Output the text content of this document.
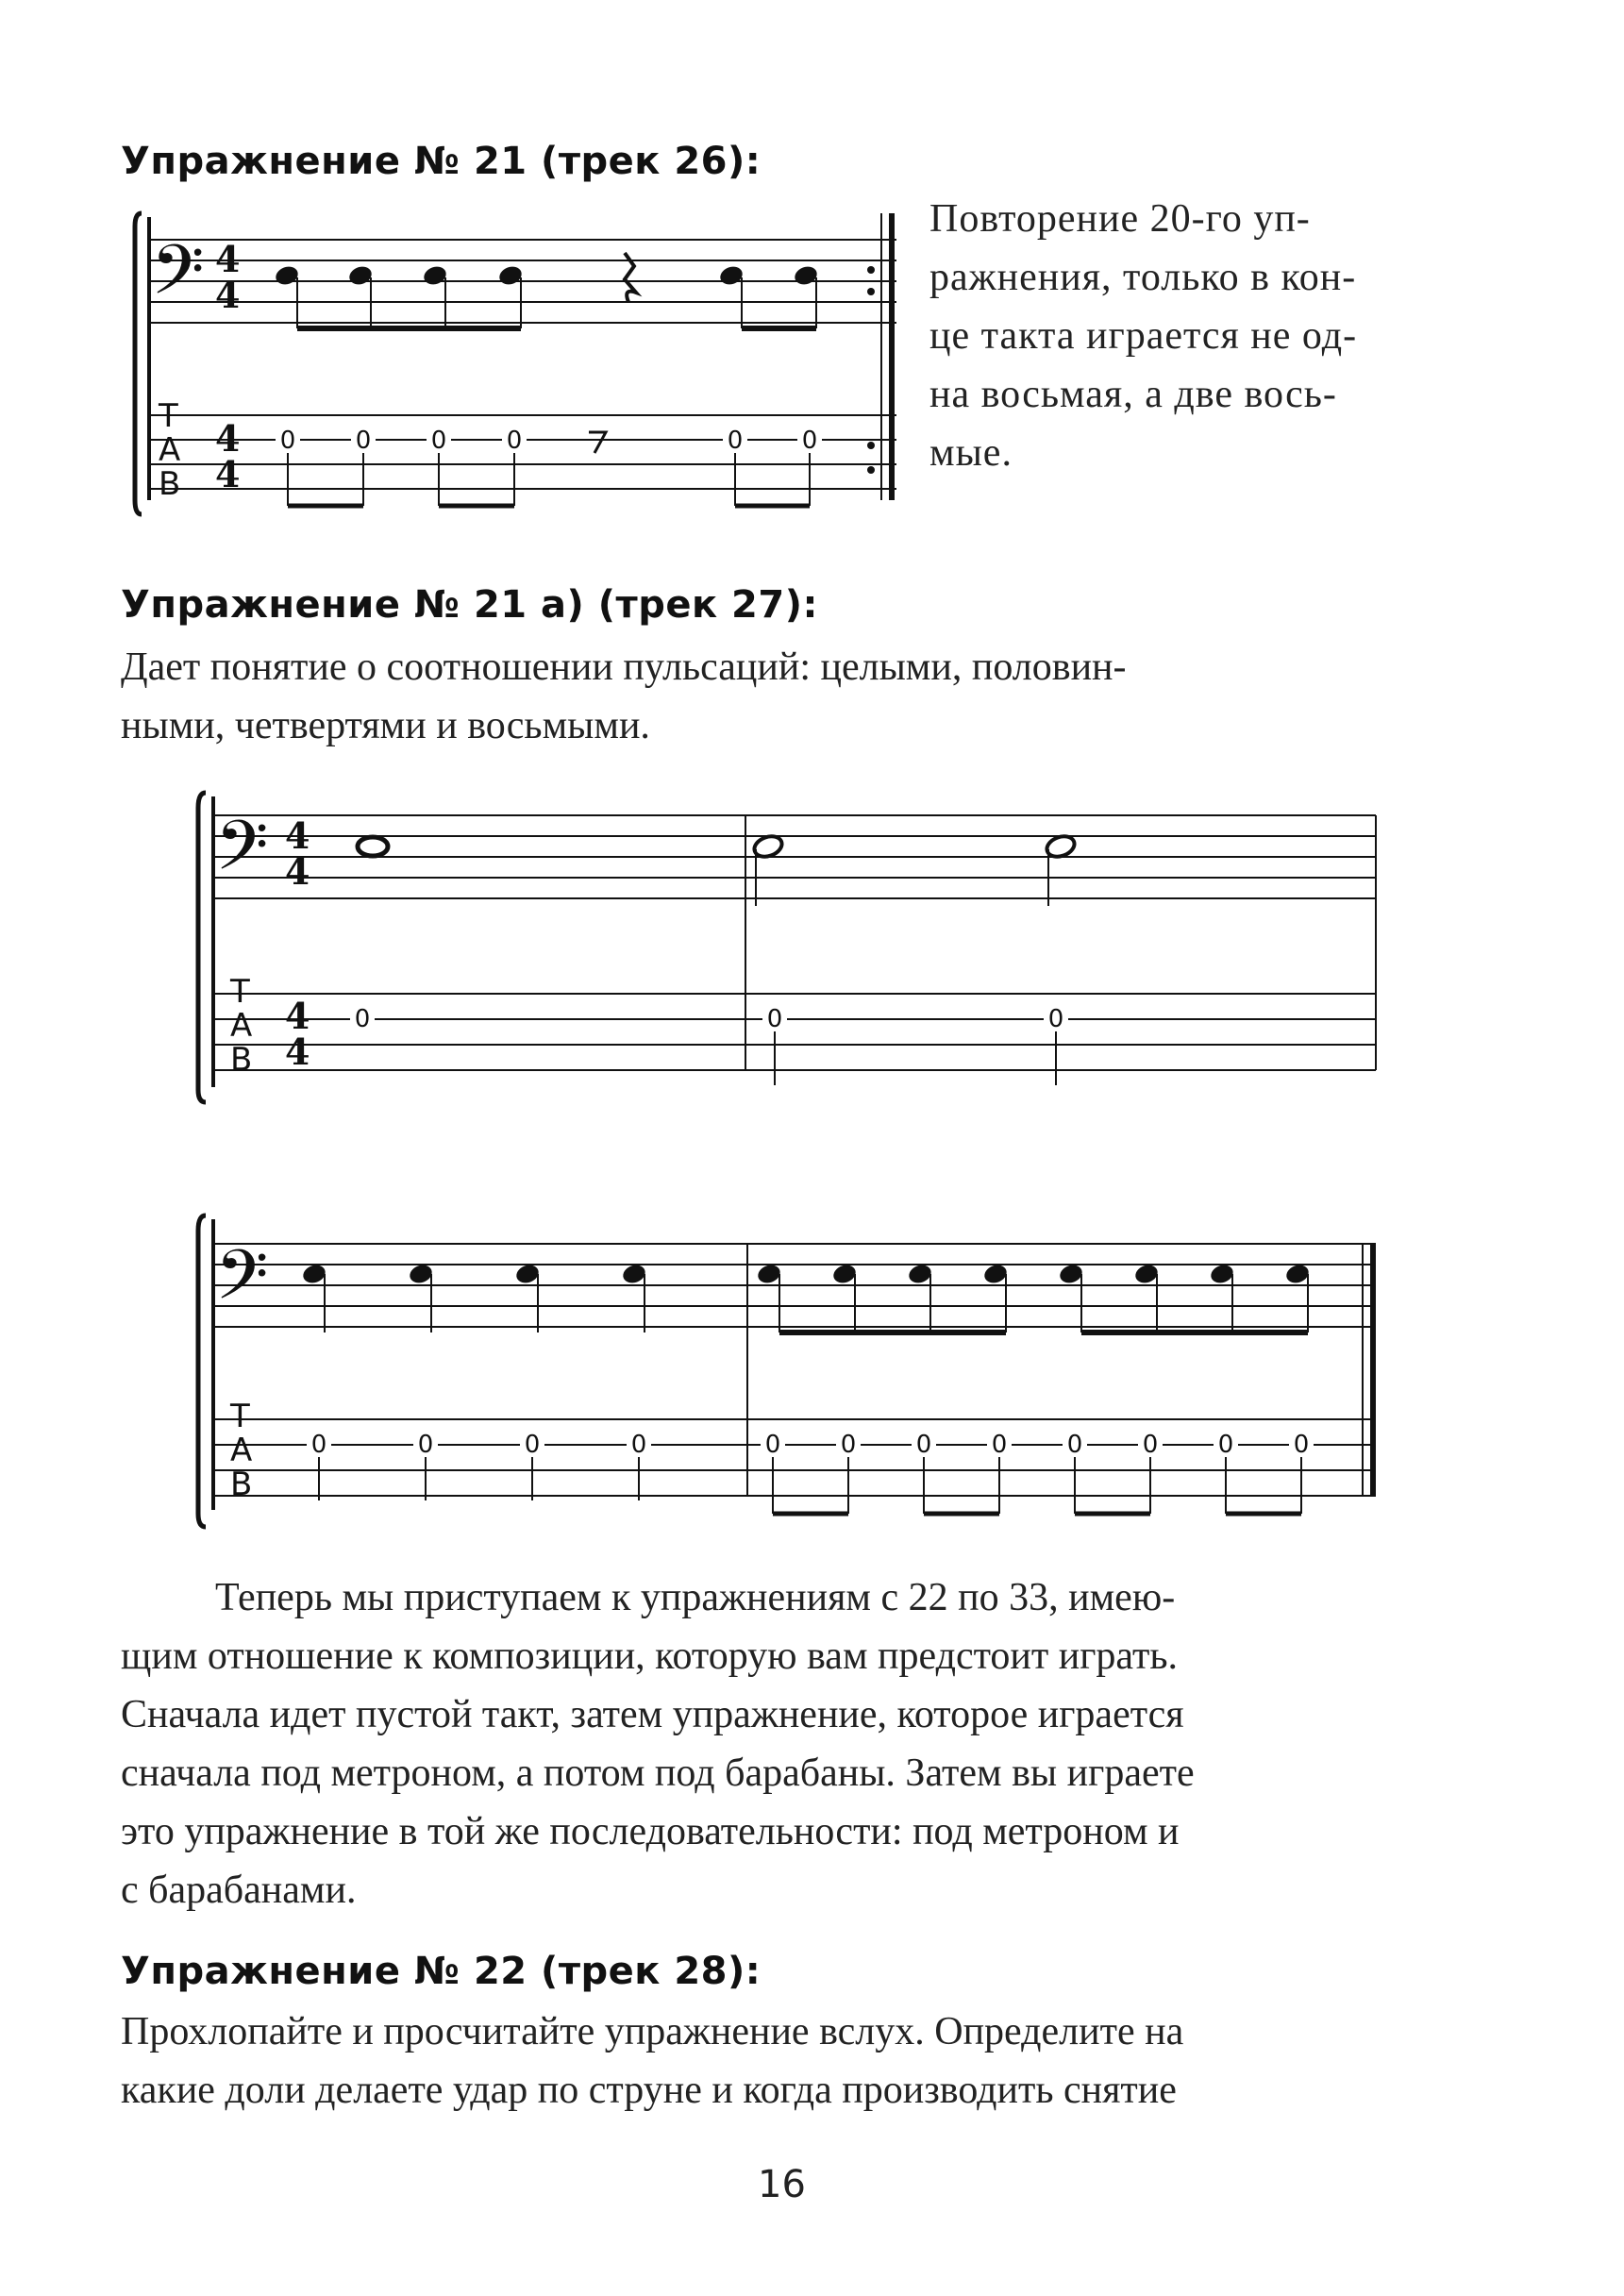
Упражнение № 21 (трек 26):
Повторение 20-го уп-
ражнения, только в кон-
це такта играется не од-
на восьмая, а две вось-
мые.
Упражнение № 21 а) (трек 27):
Дает понятие о соотношении пульсаций: целыми, половин-
ными, четвертями и восьмыми.
Теперь мы приступаем к упражнениям с 22 по 33, имею-
щим отношение к композиции, которую вам предстоит играть.
Сначала идет пустой такт, затем упражнение, которое играется
сначала под метроном, а потом под барабаны. Затем вы играете
это упражнение в той же последовательности: под метроном и
с барабанами.
Упражнение № 22 (трек 28):
Прохлопайте и просчитайте упражнение вслух. Определите на
какие доли делаете удар по струне и когда производить снятие
16
𝄢
𝄢
𝄢
4
4
4
4
4
4
4
4
T
A
B
T
A
B
T
A
B
0 0 0 0	0 0
0	0	0
0	0	0	0	0 0 0 0 0 0 0 0
